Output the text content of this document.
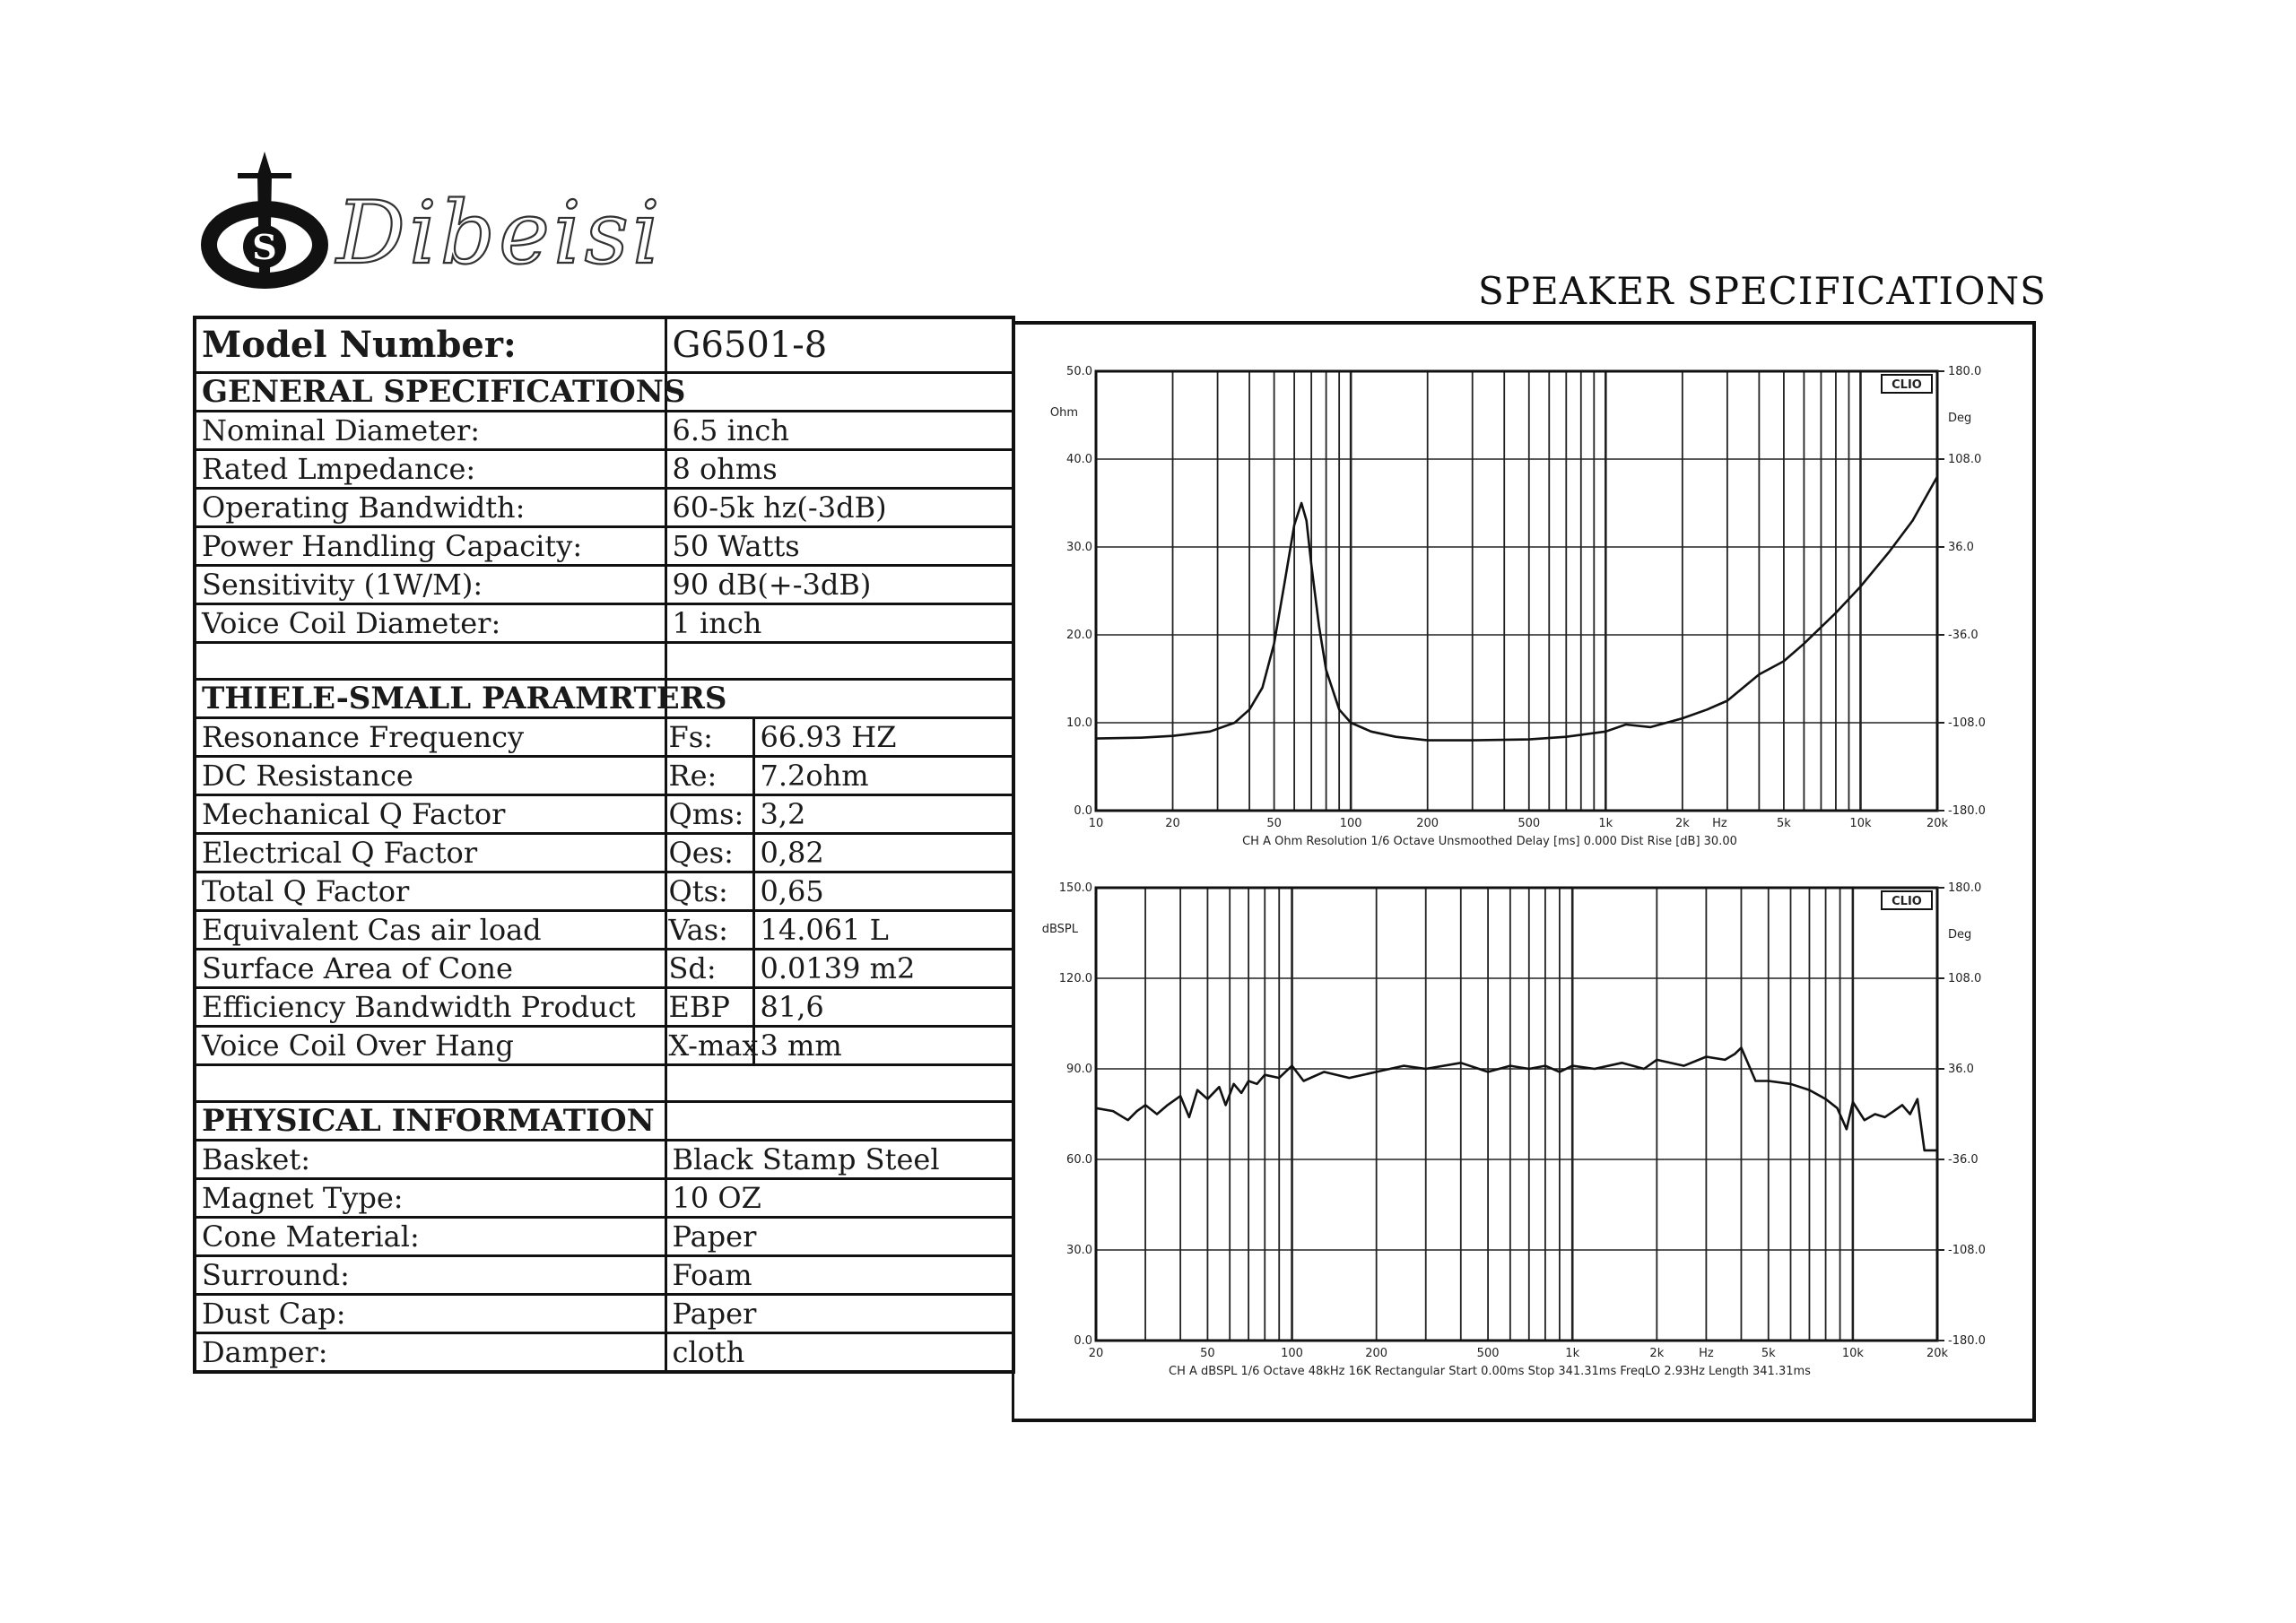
S Dibeisi
SPEAKER SPECIFICATIONS
Model Number:	G6501-8	
GENERAL SPECIFICATIONS		
Nominal Diameter:	6.5 inch	
Rated Lmpedance:	8 ohms	
Operating Bandwidth:	60-5k hz(-3dB)	
Power Handling Capacity:	50 Watts	
Sensitivity (1W/M):	90 dB(+-3dB)	
Voice Coil Diameter:	1 inch	

THIELE-SMALL PARAMRTERS		
Resonance Frequency	Fs:	66.93 HZ
DC Resistance	Re:	7.2ohm
Mechanical Q Factor	Qms:	3,2
Electrical Q Factor	Qes:	0,82
Total Q Factor	Qts:	0,65
Equivalent Cas air load	Vas:	14.061 L
Surface Area of Cone	Sd:	0.0139 m2
Efficiency Bandwidth Product	EBP	81,6
Voice Coil Over Hang	X-max	3 mm

PHYSICAL INFORMATION		
Basket:	Black Stamp Steel	
Magnet Type:	10 OZ	
Cone Material:	Paper	
Surround:	Foam	
Dust Cap:	Paper	
Damper:	cloth	
0.0
10.0
20.0
30.0
40.0
50.0
-180.0
-108.0
-36.0
36.0
108.0
180.0
Ohm	Deg
10	20	50	100	200	500	1k	2k	5k	10k	20k
Hz
CH A Ohm Resolution 1/6 Octave Unsmoothed Delay [ms] 0.000 Dist Rise [dB] 30.00
CLIO
0.0
30.0
60.0
90.0
120.0
150.0
-180.0
-108.0
-36.0
36.0
108.0
180.0
dBSPL	Deg
20	50	100	200	500	1k	2k	5k	10k	20k
Hz
CH A dBSPL 1/6 Octave 48kHz 16K Rectangular Start 0.00ms Stop 341.31ms FreqLO 2.93Hz Length 341.31ms
CLIO
